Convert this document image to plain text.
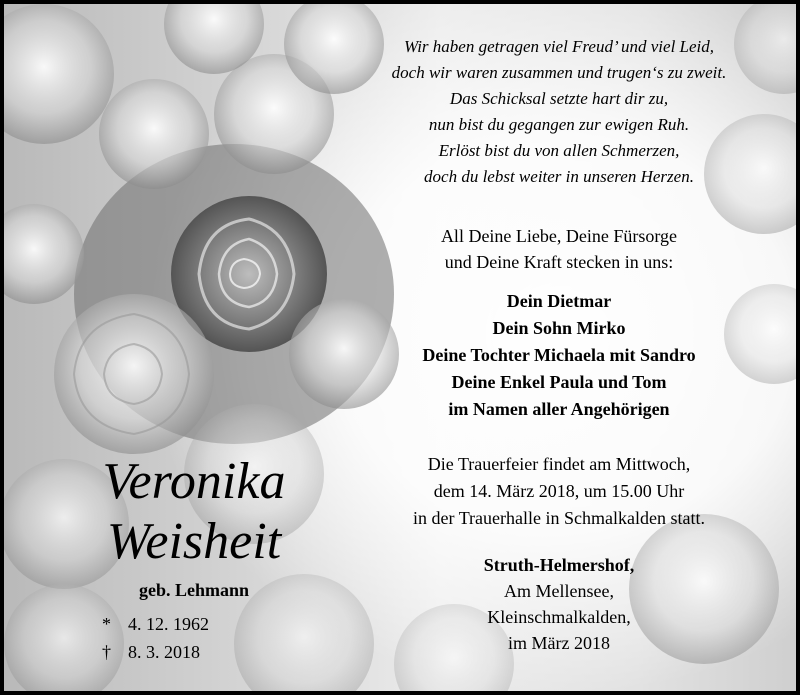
Wir haben getragen viel Freud’ und viel Leid,
doch wir waren zusammen und trugen‘s zu zweit.
Das Schicksal setzte hart dir zu,
nun bist du gegangen zur ewigen Ruh.
Erlöst bist du von allen Schmerzen,
doch du lebst weiter in unseren Herzen.
All Deine Liebe, Deine Fürsorge
und Deine Kraft stecken in uns:
Dein Dietmar
Dein Sohn Mirko
Deine Tochter Michaela mit Sandro
Deine Enkel Paula und Tom
im Namen aller Angehörigen
Veronika
Weisheit
geb. Lehmann
* 4. 12. 1962
† 8. 3. 2018
Die Trauerfeier findet am Mittwoch,
dem 14. März 2018, um 15.00 Uhr
in der Trauerhalle in Schmalkalden statt.
Struth-Helmershof,
Am Mellensee,
Kleinschmalkalden,
im März 2018
